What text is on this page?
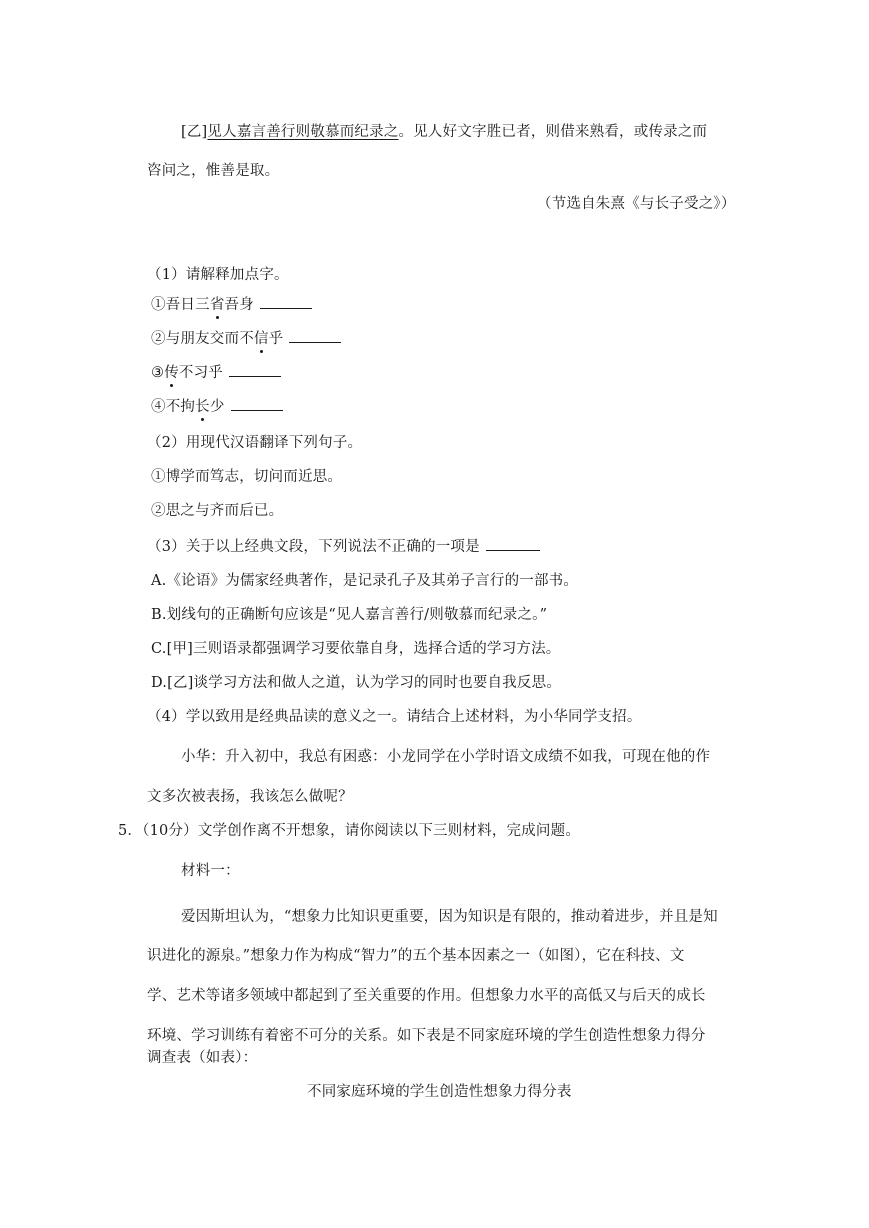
[乙]见人嘉言善行则敬慕而纪录之。见人好文字胜已者，则借来熟看，或传录之而
咨问之，惟善是取。
（节选自朱熹《与长子受之》）
（1）请解释加点字。
①吾日三省吾身
②与朋友交而不信乎
③传不习乎
④不拘长少
（2）用现代汉语翻译下列句子。
①博学而笃志，切问而近思。
②思之与齐而后已。
（3）关于以上经典文段，下列说法不正确的一项是
A.《论语》为儒家经典著作，是记录孔子及其弟子言行的一部书。
B.划线句的正确断句应该是“见人嘉言善行/则敬慕而纪录之。”
C.[甲]三则语录都强调学习要依靠自身，选择合适的学习方法。
D.[乙]谈学习方法和做人之道，认为学习的同时也要自我反思。
（4）学以致用是经典品读的意义之一。请结合上述材料，为小华同学支招。
小华：升入初中，我总有困惑：小龙同学在小学时语文成绩不如我，可现在他的作
文多次被表扬，我该怎么做呢？
5．（10分）文学创作离不开想象，请你阅读以下三则材料，完成问题。
材料一：
爱因斯坦认为，“想象力比知识更重要，因为知识是有限的，推动着进步，并且是知
识进化的源泉。”想象力作为构成“智力”的五个基本因素之一（如图），它在科技、文
学、艺术等诸多领域中都起到了至关重要的作用。但想象力水平的高低又与后天的成长
环境、学习训练有着密不可分的关系。如下表是不同家庭环境的学生创造性想象力得分
调查表（如表）：
不同家庭环境的学生创造性想象力得分表
